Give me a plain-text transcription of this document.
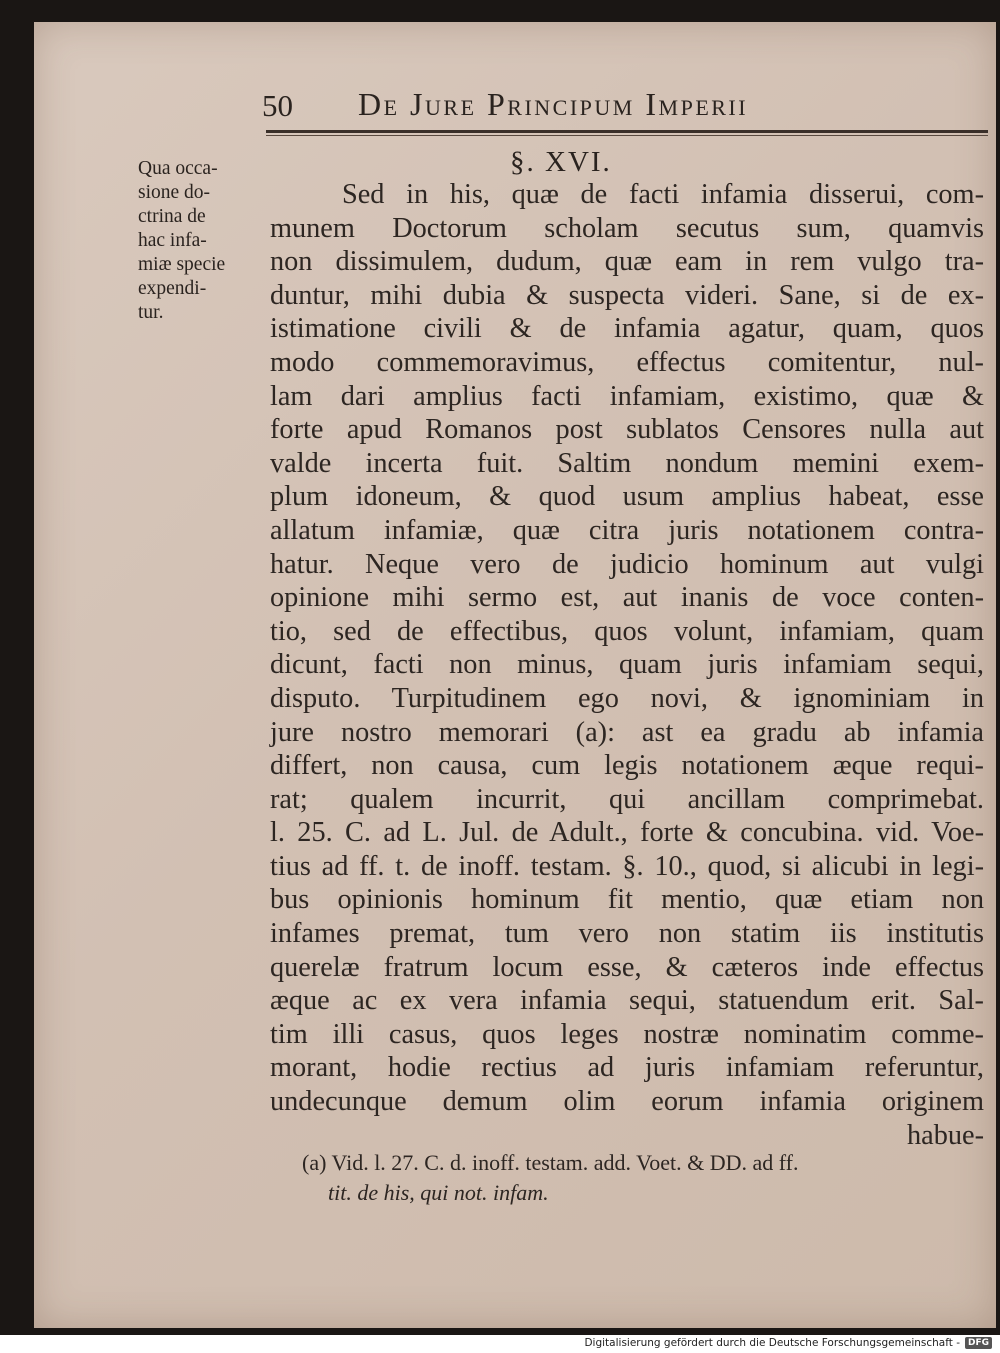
50 De Jure Principum Imperii
§. XVI.
Qua occa-
sione do-
ctrina de
hac infa-
miæ specie
expendi-
tur.
Sed in his, quæ de facti infamia disserui, com-
munem Doctorum scholam secutus sum, quamvis
non dissimulem, dudum, quæ eam in rem vulgo tra-
duntur, mihi dubia & suspecta videri. Sane, si de ex-
istimatione civili & de infamia agatur, quam, quos
modo commemoravimus, effectus comitentur, nul-
lam dari amplius facti infamiam, existimo, quæ &
forte apud Romanos post sublatos Censores nulla aut
valde incerta fuit. Saltim nondum memini exem-
plum idoneum, & quod usum amplius habeat, esse
allatum infamiæ, quæ citra juris notationem contra-
hatur. Neque vero de judicio hominum aut vulgi
opinione mihi sermo est, aut inanis de voce conten-
tio, sed de effectibus, quos volunt, infamiam, quam
dicunt, facti non minus, quam juris infamiam sequi,
disputo. Turpitudinem ego novi, & ignominiam in
jure nostro memorari (a): ast ea gradu ab infamia
differt, non causa, cum legis notationem æque requi-
rat; qualem incurrit, qui ancillam comprimebat.
l. 25. C. ad L. Jul. de Adult., forte & concubina. vid. Voe-
tius ad ff. t. de inoff. testam. §. 10., quod, si alicubi in legi-
bus opinionis hominum fit mentio, quæ etiam non
infames premat, tum vero non statim iis institutis
querelæ fratrum locum esse, & cæteros inde effectus
æque ac ex vera infamia sequi, statuendum erit. Sal-
tim illi casus, quos leges nostræ nominatim comme-
morant, hodie rectius ad juris infamiam referuntur,
undecunque demum olim eorum infamia originem
habue-
(a) Vid. l. 27. C. d. inoff. testam. add. Voet. & DD. ad ff.
tit. de his, qui not. infam.
Digitalisierung gefördert durch die Deutsche Forschungsgemeinschaft - DFG
